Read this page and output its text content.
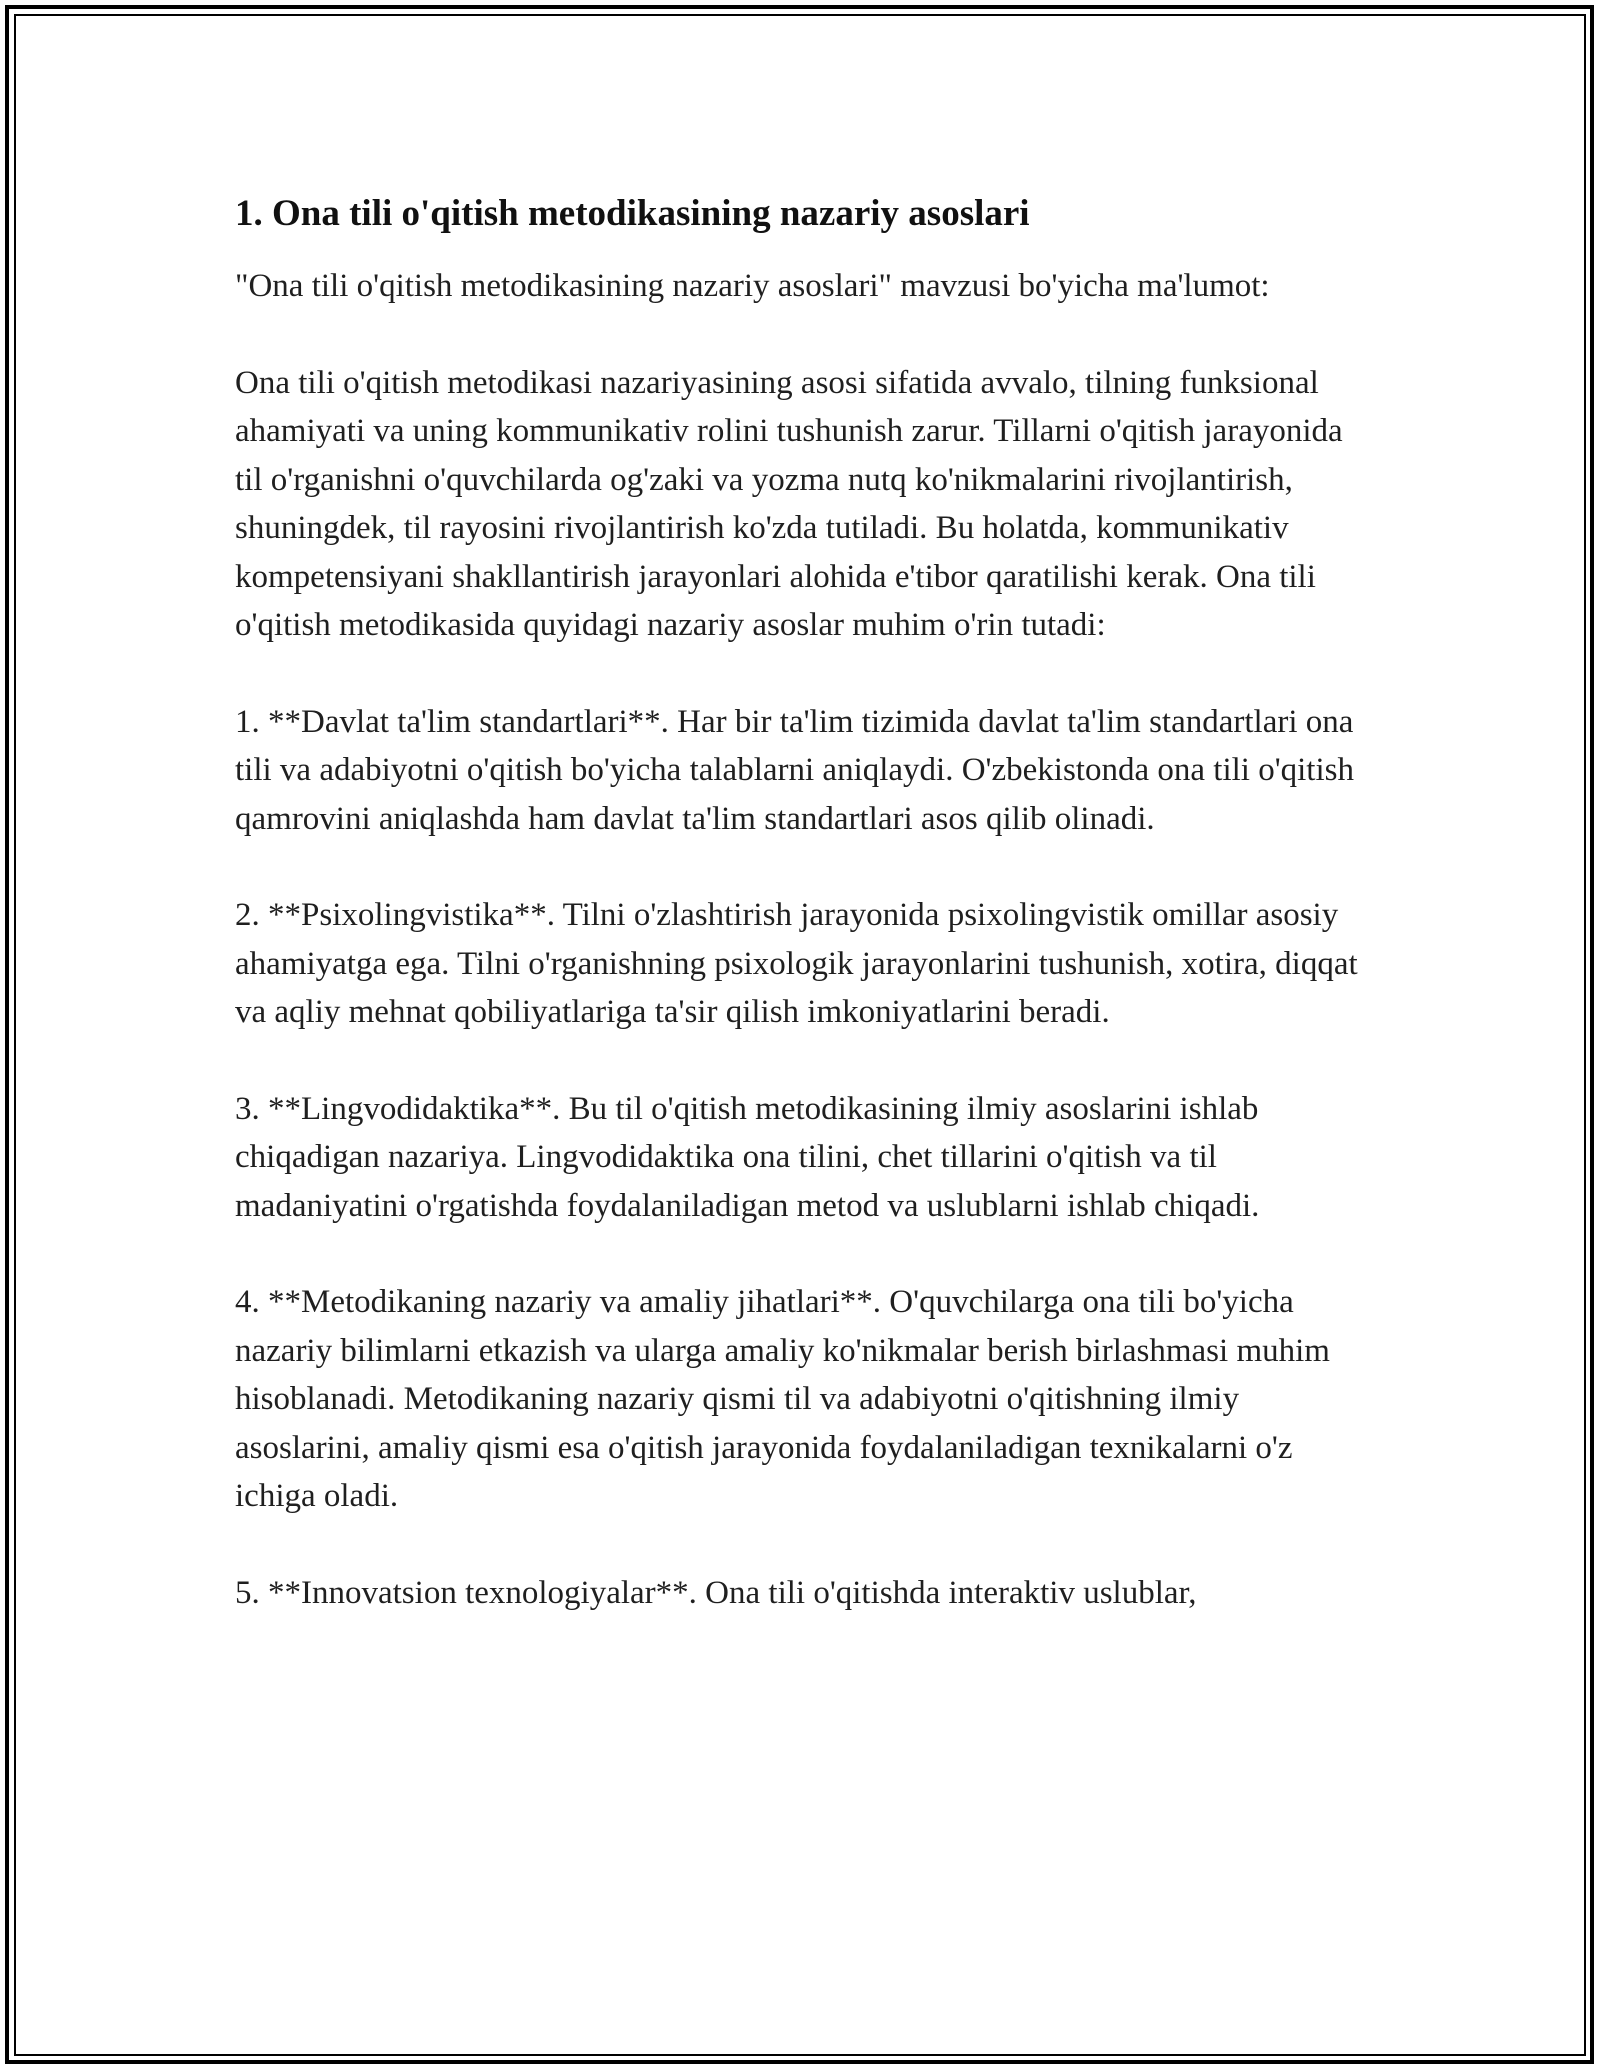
1. Ona tili o'qitish metodikasining nazariy asoslari

"Ona tili o'qitish metodikasining nazariy asoslari" mavzusi bo'yicha ma'lumot:

Ona tili o'qitish metodikasi nazariyasining asosi sifatida avvalo, tilning funksional ahamiyati va uning kommunikativ rolini tushunish zarur. Tillarni o'qitish jarayonida til o'rganishni o'quvchilarda og'zaki va yozma nutq ko'nikmalarini rivojlantirish, shuningdek, til rayosini rivojlantirish ko'zda tutiladi. Bu holatda, kommunikativ kompetensiyani shakllantirish jarayonlari alohida e'tibor qaratilishi kerak. Ona tili o'qitish metodikasida quyidagi nazariy asoslar muhim o'rin tutadi:

1. **Davlat ta'lim standartlari**. Har bir ta'lim tizimida davlat ta'lim standartlari ona tili va adabiyotni o'qitish bo'yicha talablarni aniqlaydi. O'zbekistonda ona tili o'qitish qamrovini aniqlashda ham davlat ta'lim standartlari asos qilib olinadi.

2. **Psixolingvistika**. Tilni o'zlashtirish jarayonida psixolingvistik omillar asosiy ahamiyatga ega. Tilni o'rganishning psixologik jarayonlarini tushunish, xotira, diqqat va aqliy mehnat qobiliyatlariga ta'sir qilish imkoniyatlarini beradi.

3. **Lingvodidaktika**. Bu til o'qitish metodikasining ilmiy asoslarini ishlab chiqadigan nazariya. Lingvodidaktika ona tilini, chet tillarini o'qitish va til madaniyatini o'rgatishda foydalaniladigan metod va uslublarni ishlab chiqadi.

4. **Metodikaning nazariy va amaliy jihatlari**. O'quvchilarga ona tili bo'yicha nazariy bilimlarni etkazish va ularga amaliy ko'nikmalar berish birlashmasi muhim hisoblanadi. Metodikaning nazariy qismi til va adabiyotni o'qitishning ilmiy asoslarini, amaliy qismi esa o'qitish jarayonida foydalaniladigan texnikalarni o'z ichiga oladi.

5. **Innovatsion texnologiyalar**. Ona tili o'qitishda interaktiv uslublar,
